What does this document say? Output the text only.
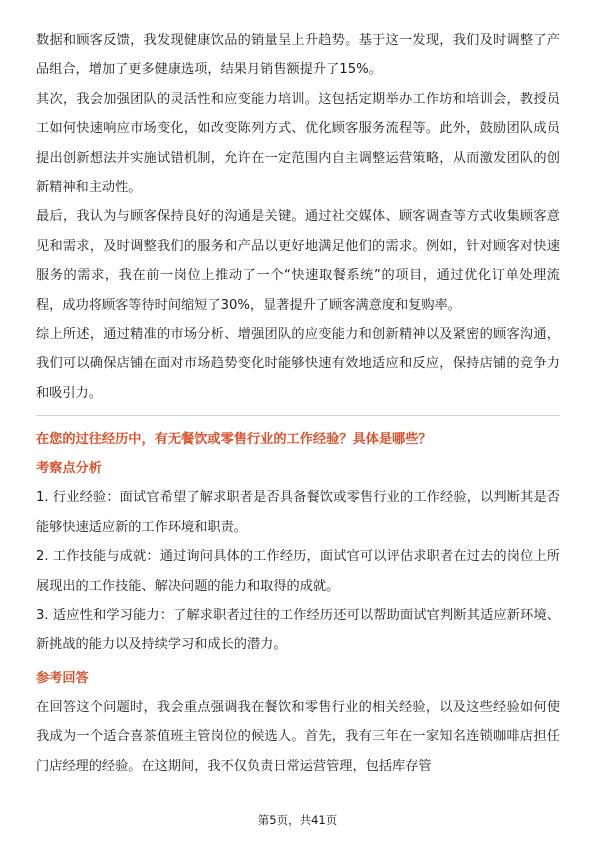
数据和顾客反馈，我发现健康饮品的销量呈上升趋势。基于这一发现，我们及时调整了产品组合，增加了更多健康选项，结果月销售额提升了15%。

其次，我会加强团队的灵活性和应变能力培训。这包括定期举办工作坊和培训会，教授员工如何快速响应市场变化，如改变陈列方式、优化顾客服务流程等。此外，鼓励团队成员提出创新想法并实施试错机制，允许在一定范围内自主调整运营策略，从而激发团队的创新精神和主动性。

最后，我认为与顾客保持良好的沟通是关键。通过社交媒体、顾客调查等方式收集顾客意见和需求，及时调整我们的服务和产品以更好地满足他们的需求。例如，针对顾客对快速服务的需求，我在前一岗位上推动了一个“快速取餐系统”的项目，通过优化订单处理流程，成功将顾客等待时间缩短了30%，显著提升了顾客满意度和复购率。

综上所述，通过精准的市场分析、增强团队的应变能力和创新精神以及紧密的顾客沟通，我们可以确保店铺在面对市场趋势变化时能够快速有效地适应和反应，保持店铺的竞争力和吸引力。

在您的过往经历中，有无餐饮或零售行业的工作经验？具体是哪些？
考察点分析

1. 行业经验：面试官希望了解求职者是否具备餐饮或零售行业的工作经验，以判断其是否能够快速适应新的工作环境和职责。

2. 工作技能与成就：通过询问具体的工作经历，面试官可以评估求职者在过去的岗位上所展现出的工作技能、解决问题的能力和取得的成就。

3. 适应性和学习能力：了解求职者过往的工作经历还可以帮助面试官判断其适应新环境、新挑战的能力以及持续学习和成长的潜力。

参考回答

在回答这个问题时，我会重点强调我在餐饮和零售行业的相关经验，以及这些经验如何使我成为一个适合喜茶值班主管岗位的候选人。首先，我有三年在一家知名连锁咖啡店担任门店经理的经验。在这期间，我不仅负责日常运营管理，包括库存管

第5页，共41页
